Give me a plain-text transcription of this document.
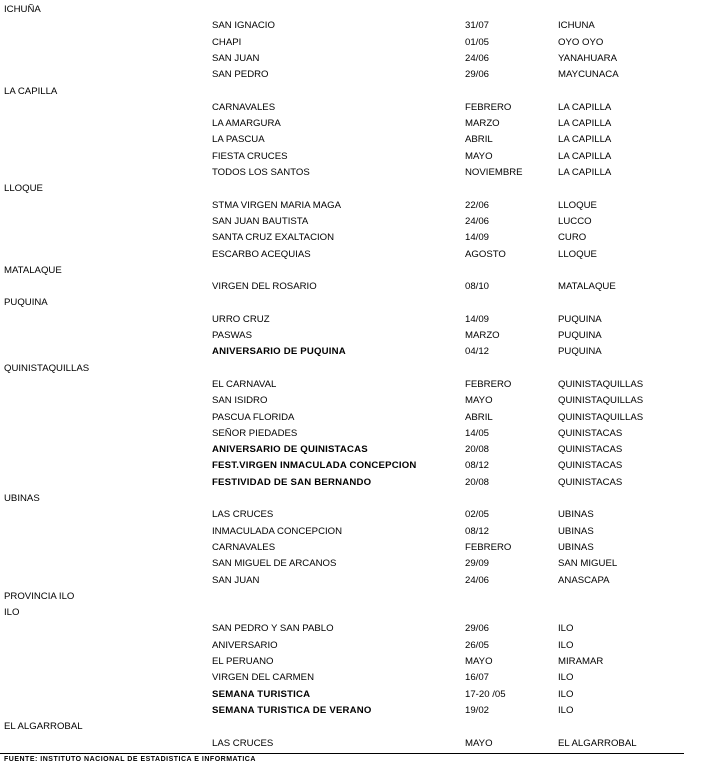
ICHUÑA
SAN IGNACIO	31/07	ICHUNA
CHAPI	01/05	OYO OYO
SAN JUAN	24/06	YANAHUARA
SAN PEDRO	29/06	MAYCUNACA
LA CAPILLA
CARNAVALES	FEBRERO	LA CAPILLA
LA AMARGURA	MARZO	LA CAPILLA
LA PASCUA	ABRIL	LA CAPILLA
FIESTA CRUCES	MAYO	LA CAPILLA
TODOS LOS SANTOS	NOVIEMBRE	LA CAPILLA
LLOQUE
STMA VIRGEN MARIA MAGA	22/06	LLOQUE
SAN JUAN BAUTISTA	24/06	LUCCO
SANTA CRUZ EXALTACION	14/09	CURO
ESCARBO ACEQUIAS	AGOSTO	LLOQUE
MATALAQUE
VIRGEN DEL ROSARIO	08/10	MATALAQUE
PUQUINA
URRO CRUZ	14/09	PUQUINA
PASWAS	MARZO	PUQUINA
ANIVERSARIO DE PUQUINA	04/12	PUQUINA
QUINISTAQUILLAS
EL CARNAVAL	FEBRERO	QUINISTAQUILLAS
SAN ISIDRO	MAYO	QUINISTAQUILLAS
PASCUA FLORIDA	ABRIL	QUINISTAQUILLAS
SEÑOR PIEDADES	14/05	QUINISTACAS
ANIVERSARIO DE QUINISTACAS	20/08	QUINISTACAS
FEST.VIRGEN INMACULADA CONCEPCION	08/12	QUINISTACAS
FESTIVIDAD DE SAN BERNANDO	20/08	QUINISTACAS
UBINAS
LAS CRUCES	02/05	UBINAS
INMACULADA CONCEPCION	08/12	UBINAS
CARNAVALES	FEBRERO	UBINAS
SAN MIGUEL DE ARCANOS	29/09	SAN MIGUEL
SAN JUAN	24/06	ANASCAPA
PROVINCIA ILO
ILO
SAN PEDRO Y SAN PABLO	29/06	ILO
ANIVERSARIO	26/05	ILO
EL PERUANO	MAYO	MIRAMAR
VIRGEN DEL CARMEN	16/07	ILO
SEMANA TURISTICA	17-20 /05	ILO
SEMANA TURISTICA DE VERANO	19/02	ILO
EL ALGARROBAL
LAS CRUCES	MAYO	EL ALGARROBAL
FUENTE: INSTITUTO NACIONAL DE ESTADISTICA E INFORMATICA
